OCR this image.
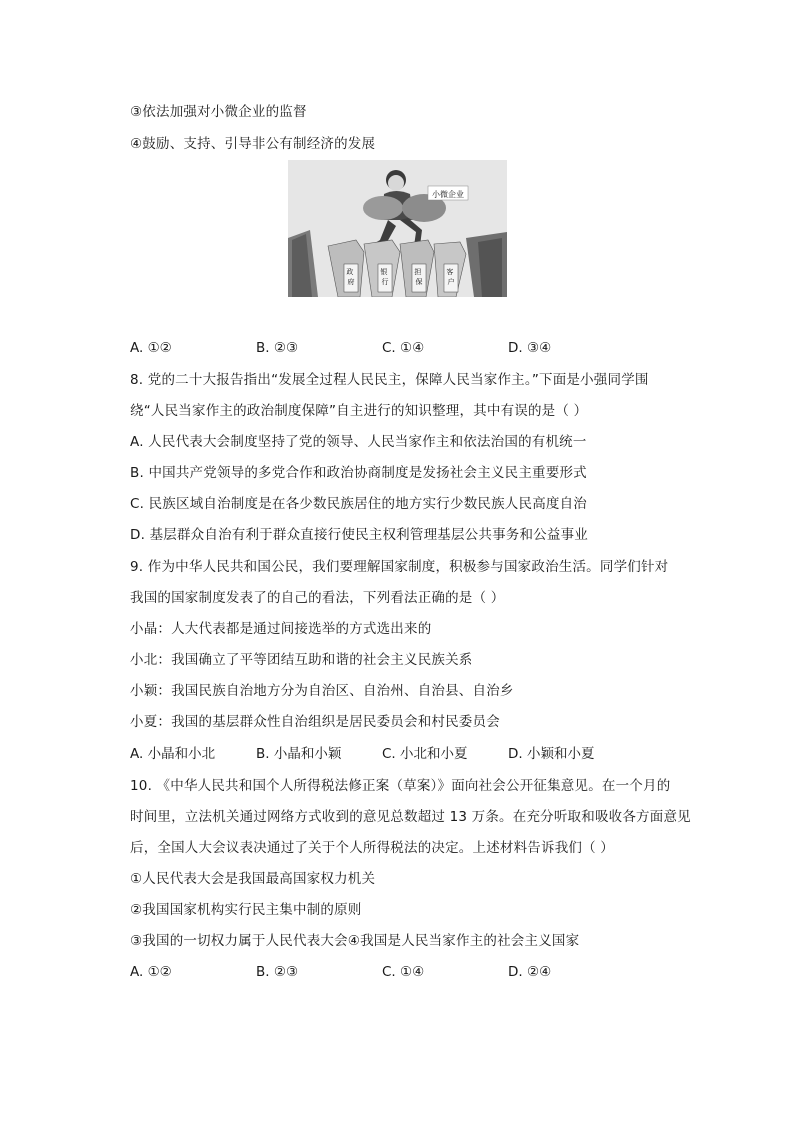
③依法加强对小微企业的监督
④鼓励、支持、引导非公有制经济的发展
小微企业
政 府
银 行
担 保
客 户
A. ①②	B. ②③	C. ①④	D. ③④
8. 党的二十大报告指出“发展全过程人民民主，保障人民当家作主。”下面是小强同学围
绕“人民当家作主的政治制度保障”自主进行的知识整理，其中有误的是（ ）
A. 人民代表大会制度坚持了党的领导、人民当家作主和依法治国的有机统一
B. 中国共产党领导的多党合作和政治协商制度是发扬社会主义民主重要形式
C. 民族区域自治制度是在各少数民族居住的地方实行少数民族人民高度自治
D. 基层群众自治有利于群众直接行使民主权利管理基层公共事务和公益事业
9. 作为中华人民共和国公民，我们要理解国家制度，积极参与国家政治生活。同学们针对
我国的国家制度发表了的自己的看法，下列看法正确的是（ ）
小晶：人大代表都是通过间接选举的方式选出来的
小北：我国确立了平等团结互助和谐的社会主义民族关系
小颖：我国民族自治地方分为自治区、自治州、自治县、自治乡
小夏：我国的基层群众性自治组织是居民委员会和村民委员会
A. 小晶和小北	B. 小晶和小颖	C. 小北和小夏	D. 小颖和小夏
10. 《中华人民共和国个人所得税法修正案（草案）》面向社会公开征集意见。在一个月的
时间里，立法机关通过网络方式收到的意见总数超过 13 万条。在充分听取和吸收各方面意见
后，全国人大会议表决通过了关于个人所得税法的决定。上述材料告诉我们（ ）
①人民代表大会是我国最高国家权力机关
②我国国家机构实行民主集中制的原则
③我国的一切权力属于人民代表大会④我国是人民当家作主的社会主义国家
A. ①②	B. ②③	C. ①④	D. ②④
